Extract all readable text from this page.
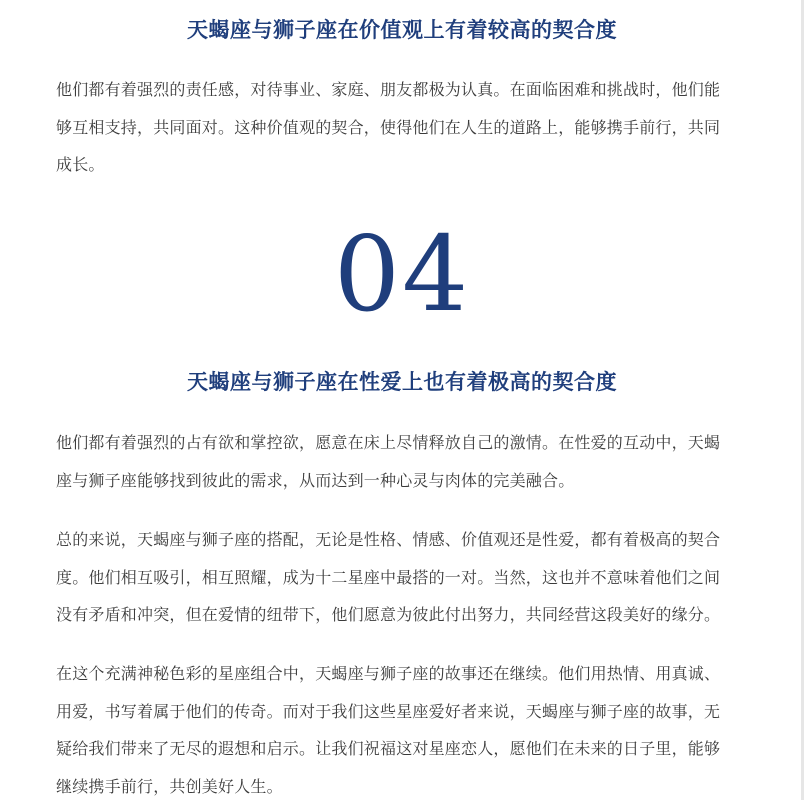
天蝎座与狮子座在价值观上有着较高的契合度
他们都有着强烈的责任感，对待事业、家庭、朋友都极为认真。在面临困难和挑战时，他们能
够互相支持，共同面对。这种价值观的契合，使得他们在人生的道路上，能够携手前行，共同
成长。
04
天蝎座与狮子座在性爱上也有着极高的契合度
他们都有着强烈的占有欲和掌控欲，愿意在床上尽情释放自己的激情。在性爱的互动中，天蝎
座与狮子座能够找到彼此的需求，从而达到一种心灵与肉体的完美融合。
总的来说，天蝎座与狮子座的搭配，无论是性格、情感、价值观还是性爱，都有着极高的契合
度。他们相互吸引，相互照耀，成为十二星座中最搭的一对。当然，这也并不意味着他们之间
没有矛盾和冲突，但在爱情的纽带下，他们愿意为彼此付出努力，共同经营这段美好的缘分。
在这个充满神秘色彩的星座组合中，天蝎座与狮子座的故事还在继续。他们用热情、用真诚、
用爱，书写着属于他们的传奇。而对于我们这些星座爱好者来说，天蝎座与狮子座的故事，无
疑给我们带来了无尽的遐想和启示。让我们祝福这对星座恋人，愿他们在未来的日子里，能够
继续携手前行，共创美好人生。
